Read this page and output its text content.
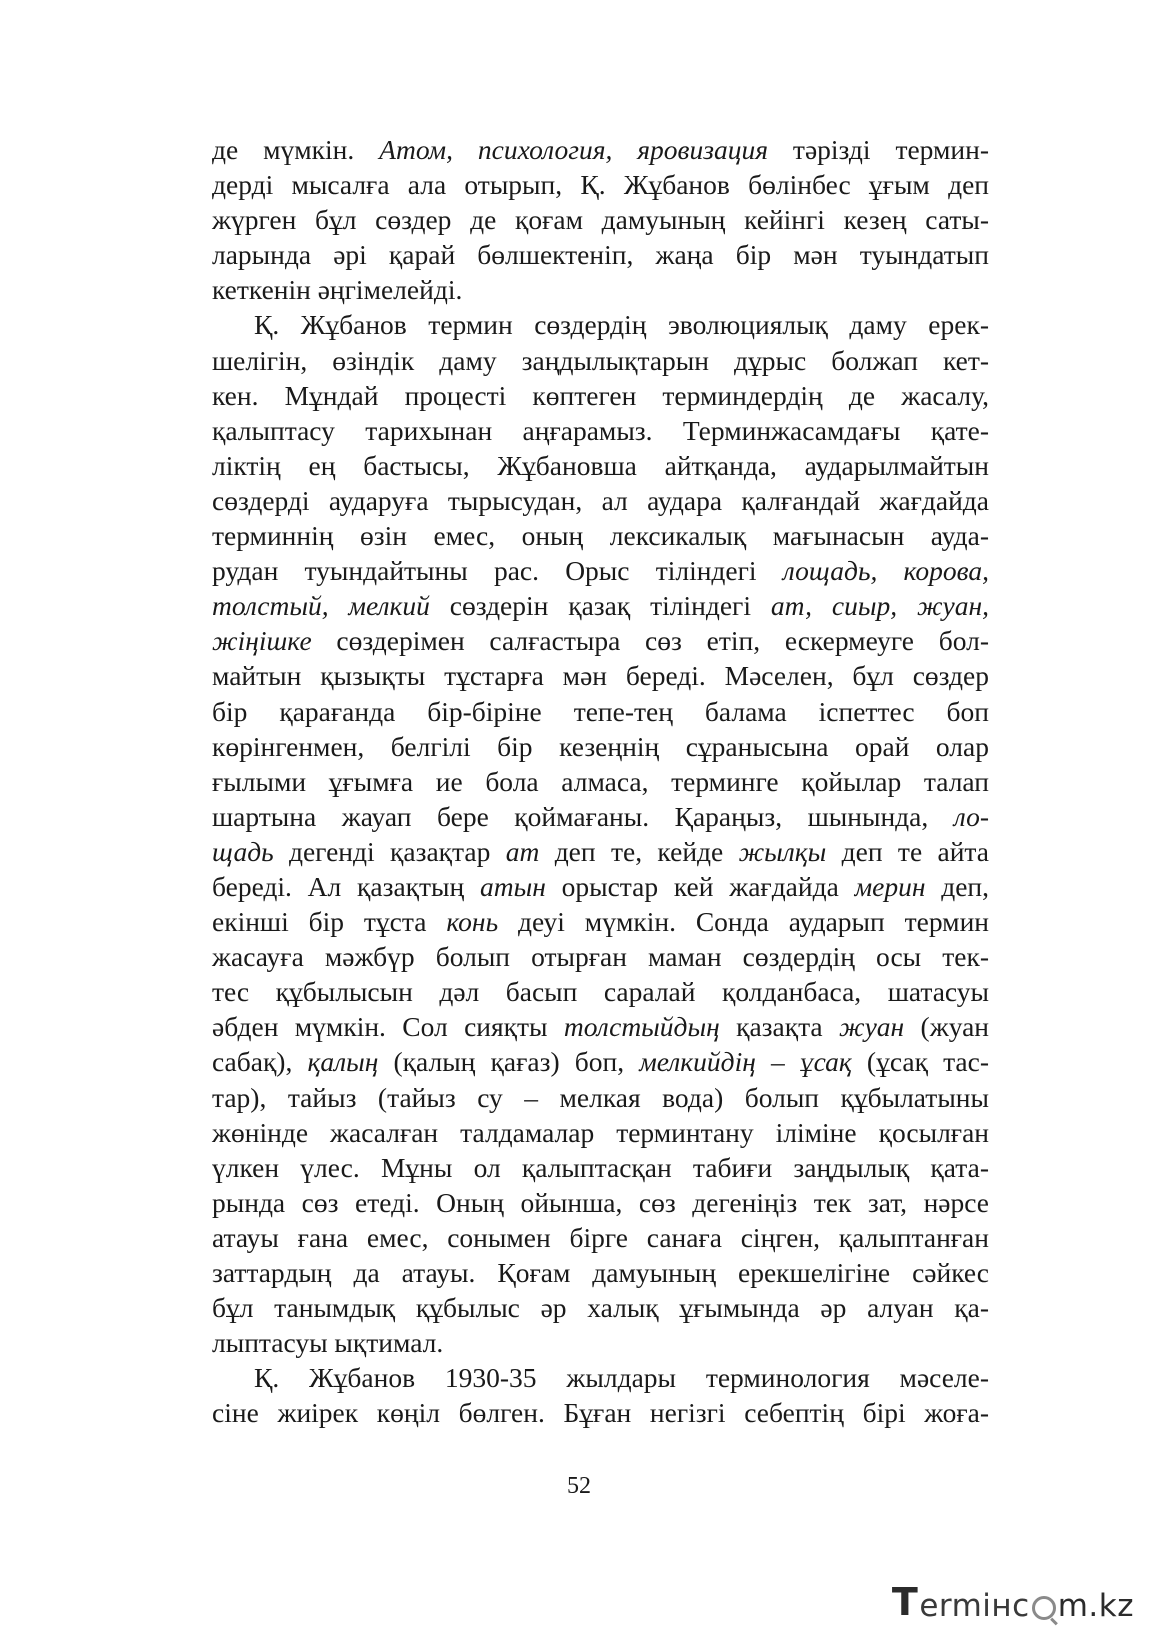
де мүмкін. Атом, психология, яровизация тәрізді термин-
дерді мысалға ала отырып, Қ. Жұбанов бөлінбес ұғым деп
жүрген бұл сөздер де қоғам дамуының кейінгі кезең саты-
ларында әрі қарай бөлшектеніп, жаңа бір мән туындатып
кеткенін әңгімелейді.
Қ. Жұбанов термин сөздердің эволюциялық даму ерек-
шелігін, өзіндік даму заңдылықтарын дұрыс болжап кет-
кен. Мұндай процесті көптеген терминдердің де жасалу,
қалыптасу тарихынан аңғарамыз. Терминжасамдағы қате-
ліктің ең бастысы, Жұбановша айтқанда, аударылмайтын
сөздерді аударуға тырысудан, ал аудара қалғандай жағдайда
терминнің өзін емес, оның лексикалық мағынасын ауда-
рудан туындайтыны рас. Орыс тіліндегі лощадь, корова,
толстый, мелкий сөздерін қазақ тіліндегі ат, сиыр, жуан,
жіңішке сөздерімен салғастыра сөз етіп, ескермеуге бол-
майтын қызықты тұстарға мән береді. Мәселен, бұл сөздер
бір қарағанда бір-біріне тепе-тең балама іспеттес боп
көрінгенмен, белгілі бір кезеңнің сұранысына орай олар
ғылыми ұғымға ие бола алмаса, терминге қойылар талап
шартына жауап бере қоймағаны. Қараңыз, шынында, ло-
щадь дегенді қазақтар ат деп те, кейде жылқы деп те айта
береді. Ал қазақтың атын орыстар кей жағдайда мерин деп,
екінші бір тұста конь деуі мүмкін. Сонда аударып термин
жасауға мәжбүр болып отырған маман сөздердің осы тек-
тес құбылысын дәл басып саралай қолданбаса, шатасуы
әбден мүмкін. Сол сияқты толстыйдың қазақта жуан (жуан
сабақ), қалың (қалың қағаз) боп, мелкийдің – ұсақ (ұсақ тас-
тар), тайыз (тайыз су – мелкая вода) болып құбылатыны
жөнінде жасалған талдамалар терминтану іліміне қосылған
үлкен үлес. Мұны ол қалыптасқан табиғи заңдылық қата-
рында сөз етеді. Оның ойынша, сөз дегеніңіз тек зат, нәрсе
атауы ғана емес, сонымен бірге санаға сіңген, қалыптанған
заттардың да атауы. Қоғам дамуының ерекшелігіне сәйкес
бұл танымдық құбылыс әр халық ұғымында әр алуан қа-
лыптасуы ықтимал.
Қ. Жұбанов 1930-35 жылдары терминология мәселе-
сіне жиірек көңіл бөлген. Бұған негізгі себептің бірі жоға-
52
T ermінc m.kz
